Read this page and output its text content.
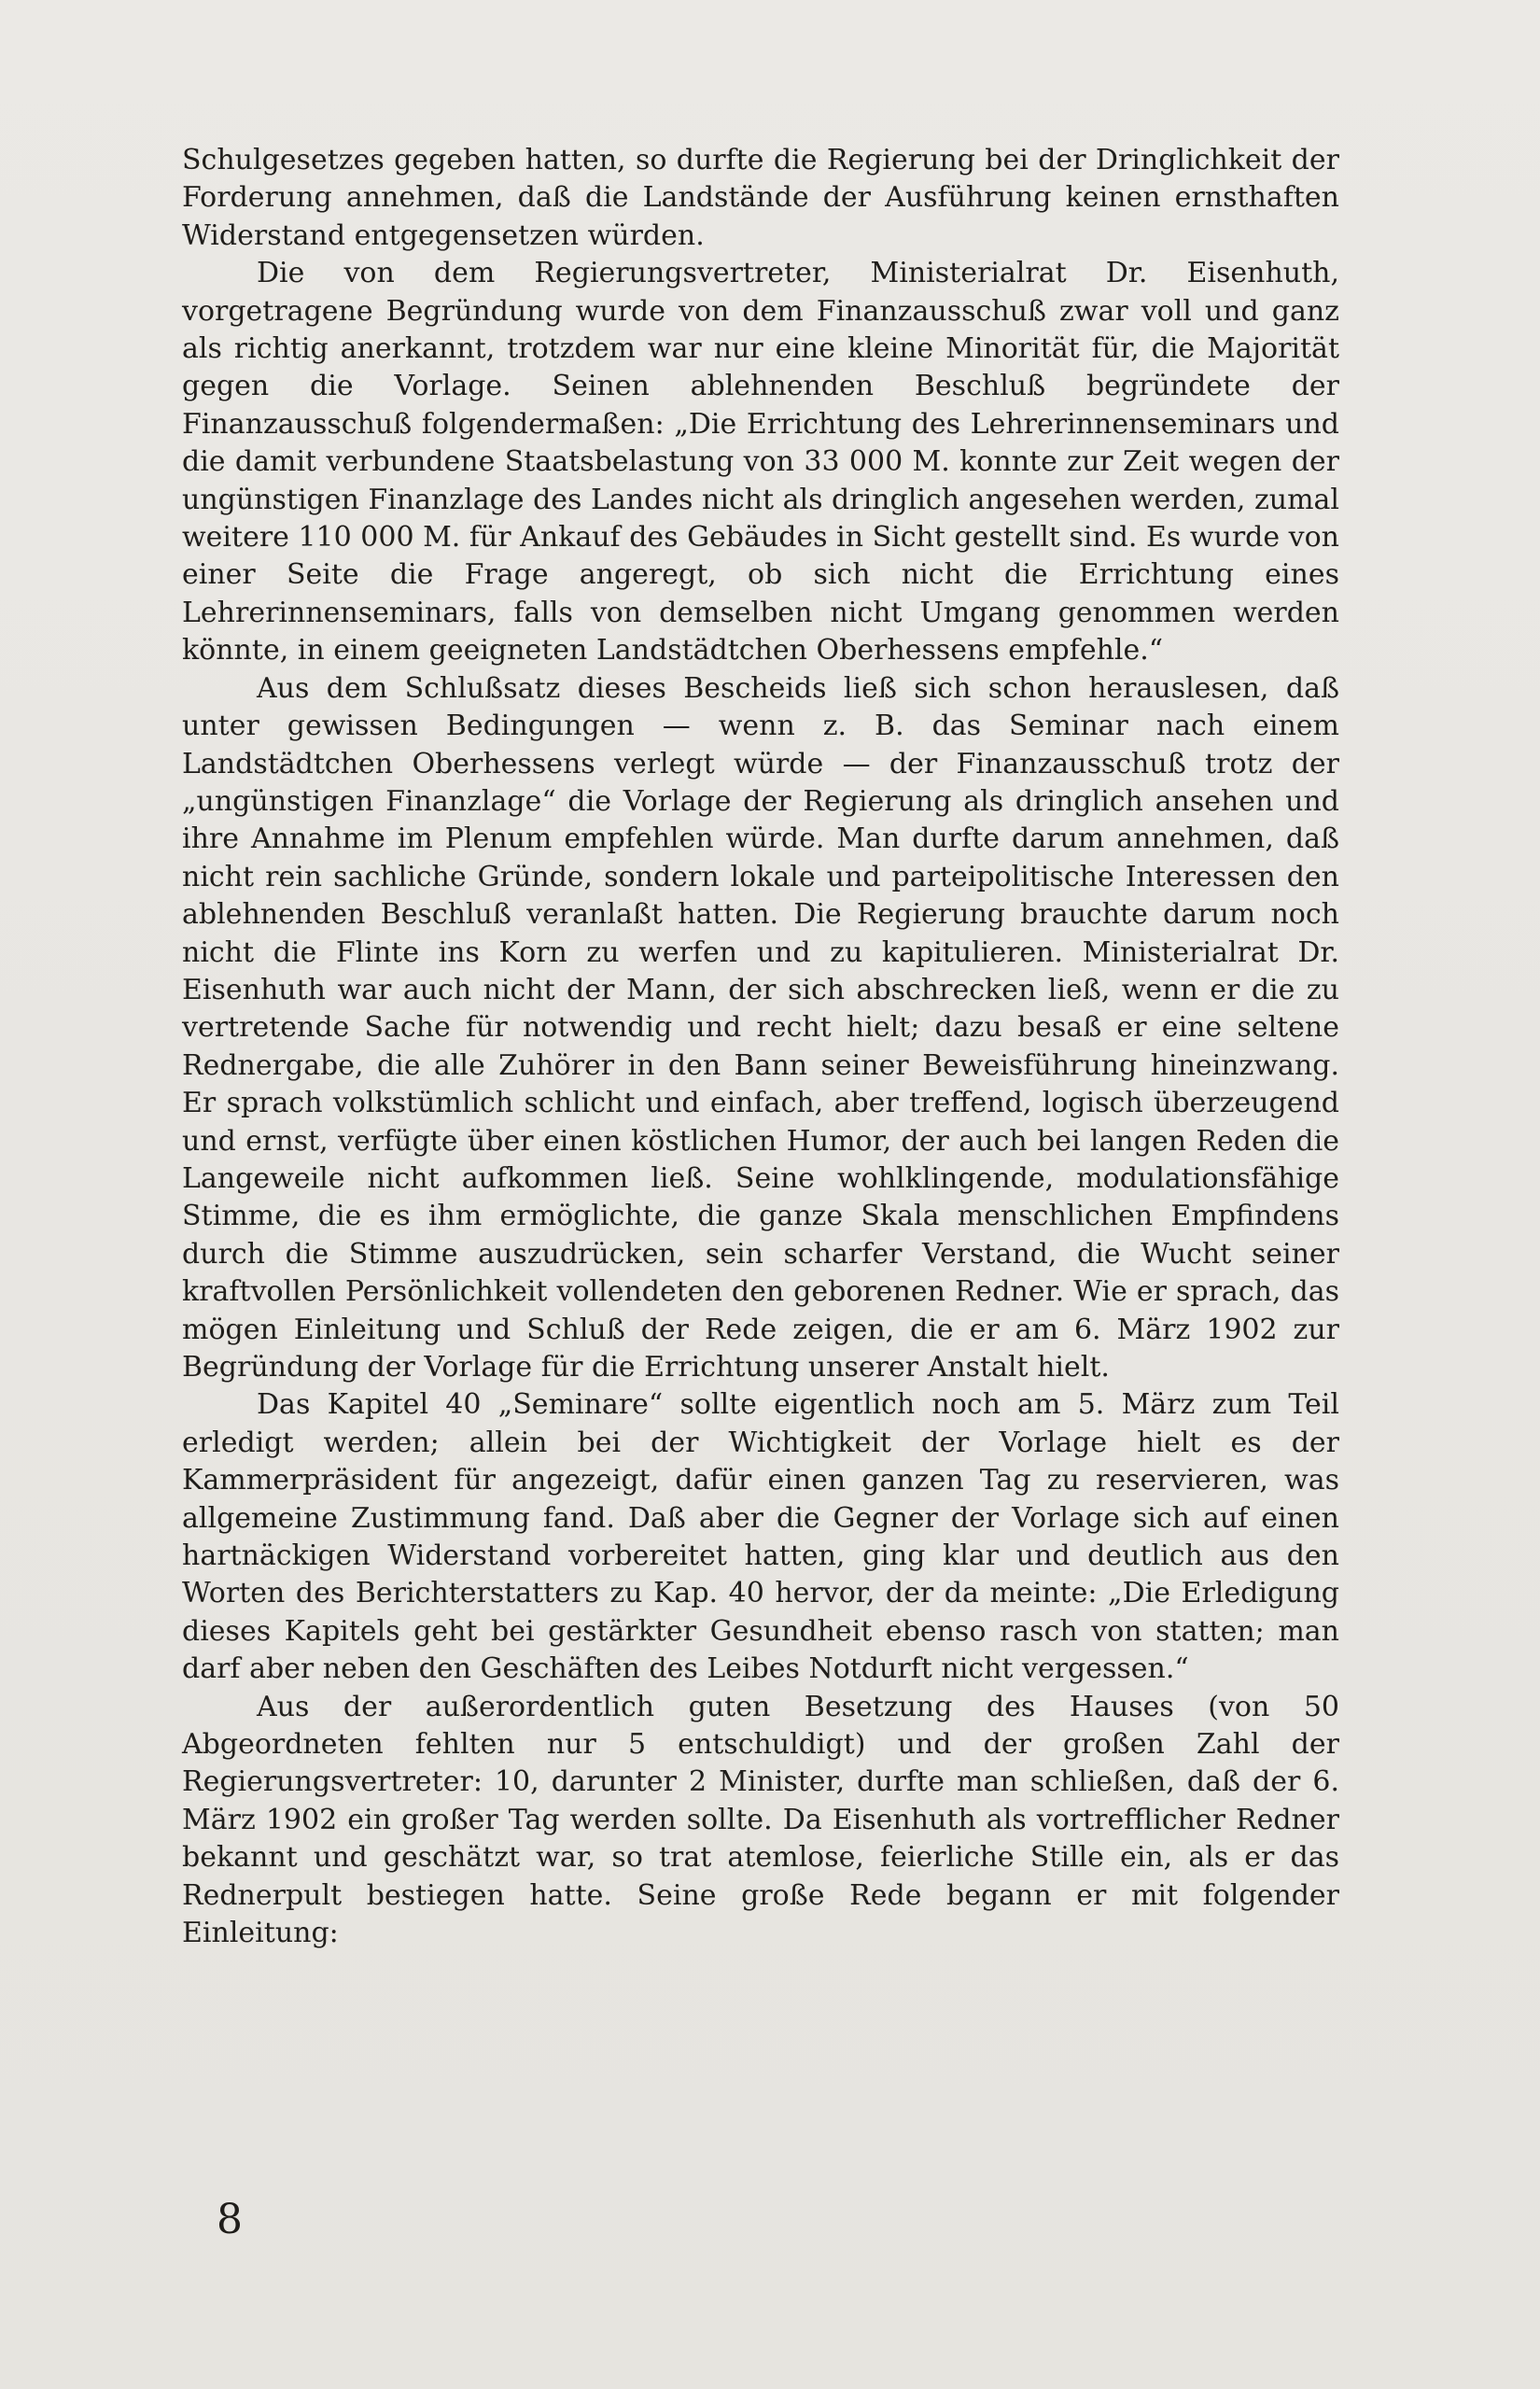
Schulgesetzes gegeben hatten, so durfte die Regierung bei der Dringlichkeit der Forderung annehmen, daß die Landstände der Ausführung keinen ernsthaften Widerstand entgegensetzen würden.

Die von dem Regierungsvertreter, Ministerialrat Dr. Eisenhuth, vorgetragene Begründung wurde von dem Finanzausschuß zwar voll und ganz als richtig anerkannt, trotzdem war nur eine kleine Minorität für, die Majorität gegen die Vorlage. Seinen ablehnenden Beschluß begründete der Finanzausschuß folgendermaßen: „Die Errichtung des Lehrerinnenseminars und die damit verbundene Staatsbelastung von 33 000 M. konnte zur Zeit wegen der ungünstigen Finanzlage des Landes nicht als dringlich angesehen werden, zumal weitere 110 000 M. für Ankauf des Gebäudes in Sicht gestellt sind. Es wurde von einer Seite die Frage angeregt, ob sich nicht die Errichtung eines Lehrerinnenseminars, falls von demselben nicht Umgang genommen werden könnte, in einem geeigneten Landstädtchen Oberhessens empfehle.“

Aus dem Schlußsatz dieses Bescheids ließ sich schon herauslesen, daß unter gewissen Bedingungen — wenn z. B. das Seminar nach einem Landstädtchen Oberhessens verlegt würde — der Finanzausschuß trotz der „ungünstigen Finanzlage“ die Vorlage der Regierung als dringlich ansehen und ihre Annahme im Plenum empfehlen würde. Man durfte darum annehmen, daß nicht rein sachliche Gründe, sondern lokale und parteipolitische Interessen den ablehnenden Beschluß veranlaßt hatten. Die Regierung brauchte darum noch nicht die Flinte ins Korn zu werfen und zu kapitulieren. Ministerialrat Dr. Eisenhuth war auch nicht der Mann, der sich abschrecken ließ, wenn er die zu vertretende Sache für notwendig und recht hielt; dazu besaß er eine seltene Rednergabe, die alle Zuhörer in den Bann seiner Beweisführung hineinzwang. Er sprach volkstümlich schlicht und einfach, aber treffend, logisch überzeugend und ernst, verfügte über einen köstlichen Humor, der auch bei langen Reden die Langeweile nicht aufkommen ließ. Seine wohlklingende, modulationsfähige Stimme, die es ihm ermöglichte, die ganze Skala menschlichen Empfindens durch die Stimme auszudrücken, sein scharfer Verstand, die Wucht seiner kraftvollen Persönlichkeit vollendeten den geborenen Redner. Wie er sprach, das mögen Einleitung und Schluß der Rede zeigen, die er am 6. März 1902 zur Begründung der Vorlage für die Errichtung unserer Anstalt hielt.

Das Kapitel 40 „Seminare“ sollte eigentlich noch am 5. März zum Teil erledigt werden; allein bei der Wichtigkeit der Vorlage hielt es der Kammerpräsident für angezeigt, dafür einen ganzen Tag zu reservieren, was allgemeine Zustimmung fand. Daß aber die Gegner der Vorlage sich auf einen hartnäckigen Widerstand vorbereitet hatten, ging klar und deutlich aus den Worten des Berichterstatters zu Kap. 40 hervor, der da meinte: „Die Erledigung dieses Kapitels geht bei gestärkter Gesundheit ebenso rasch von statten; man darf aber neben den Geschäften des Leibes Notdurft nicht vergessen.“

Aus der außerordentlich guten Besetzung des Hauses (von 50 Abgeordneten fehlten nur 5 entschuldigt) und der großen Zahl der Regierungsvertreter: 10, darunter 2 Minister, durfte man schließen, daß der 6. März 1902 ein großer Tag werden sollte. Da Eisenhuth als vortrefflicher Redner bekannt und geschätzt war, so trat atemlose, feierliche Stille ein, als er das Rednerpult bestiegen hatte. Seine große Rede begann er mit folgender Einleitung:

8
